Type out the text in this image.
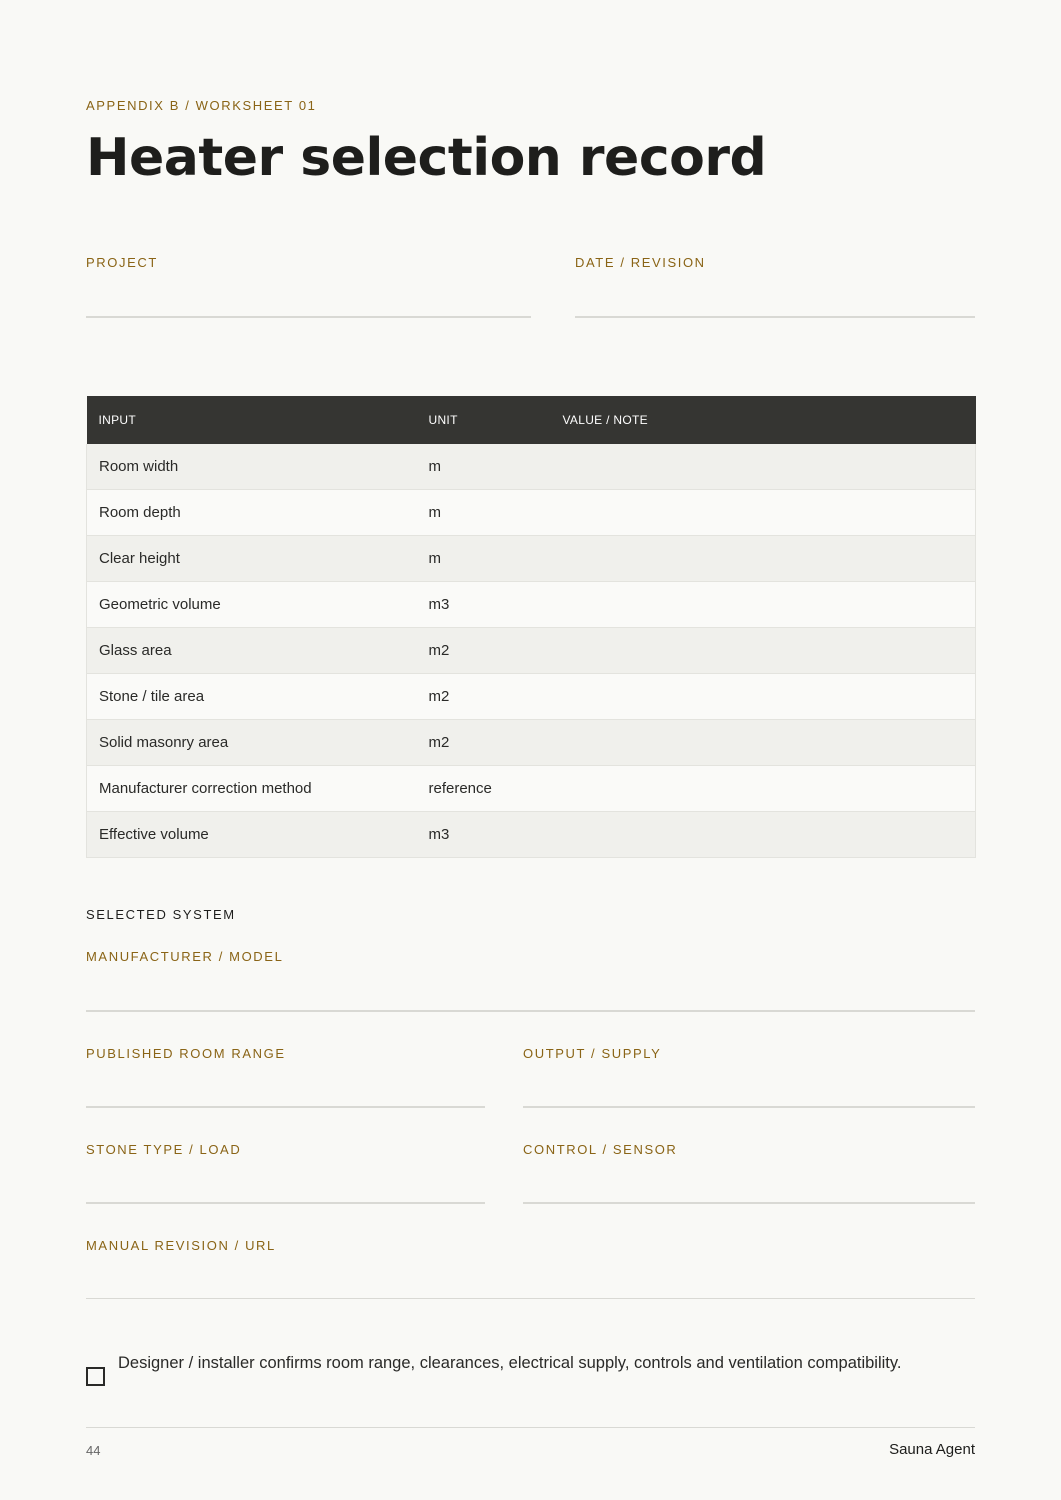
APPENDIX B / WORKSHEET 01
Heater selection record
PROJECT	DATE / REVISION
INPUT	UNIT	VALUE / NOTE
Room width	m	
Room depth	m	
Clear height	m	
Geometric volume	m3	
Glass area	m2	
Stone / tile area	m2	
Solid masonry area	m2	
Manufacturer correction method	reference	
Effective volume	m3	
SELECTED SYSTEM
MANUFACTURER / MODEL
PUBLISHED ROOM RANGE	OUTPUT / SUPPLY
STONE TYPE / LOAD	CONTROL / SENSOR
MANUAL REVISION / URL
Designer / installer confirms room range, clearances, electrical supply, controls and ventilation compatibility.
44	Sauna Agent
